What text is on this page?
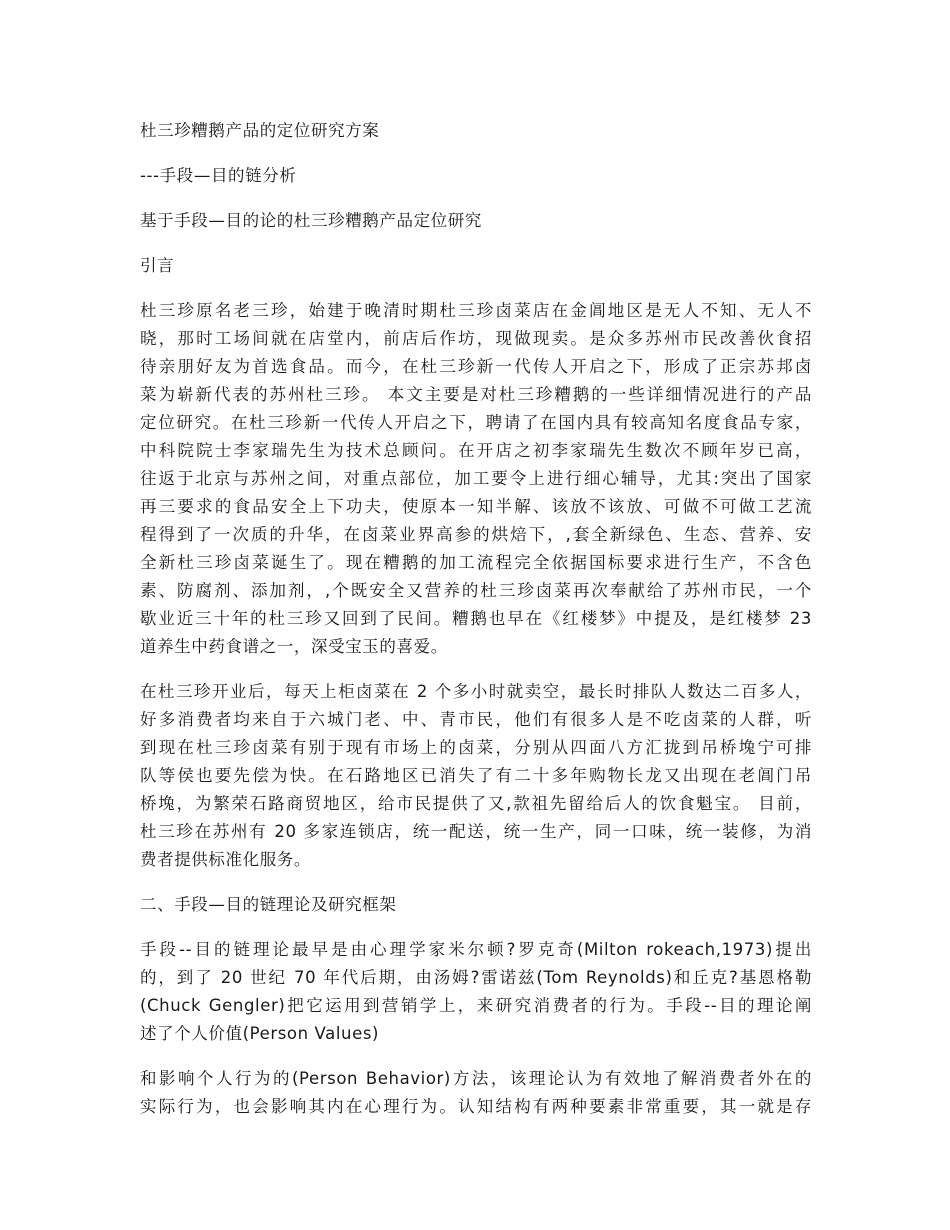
杜三珍糟鹅产品的定位研究方案
---手段—目的链分析
基于手段—目的论的杜三珍糟鹅产品定位研究
引言
杜三珍原名老三珍，始建于晚清时期杜三珍卤菜店在金阊地区是无人不知、无人不
晓，那时工场间就在店堂内，前店后作坊，现做现卖。是众多苏州市民改善伙食招
待亲朋好友为首选食品。而今，在杜三珍新一代传人开启之下，形成了正宗苏邦卤
菜为崭新代表的苏州杜三珍。 本文主要是对杜三珍糟鹅的一些详细情况进行的产品
定位研究。在杜三珍新一代传人开启之下，聘请了在国内具有较高知名度食品专家，
中科院院士李家瑞先生为技术总顾问。在开店之初李家瑞先生数次不顾年岁已高，
往返于北京与苏州之间，对重点部位，加工要令上进行细心辅导，尤其:突出了国家
再三要求的食品安全上下功夫，使原本一知半解、该放不该放、可做不可做工艺流
程得到了一次质的升华，在卤菜业界高参的烘焙下，,套全新绿色、生态、营养、安
全新杜三珍卤菜诞生了。现在糟鹅的加工流程完全依据国标要求进行生产，不含色
素、防腐剂、添加剂，,个既安全又营养的杜三珍卤菜再次奉献给了苏州市民，一个
歇业近三十年的杜三珍又回到了民间。糟鹅也早在《红楼梦》中提及，是红楼梦 23
道养生中药食谱之一，深受宝玉的喜爱。
在杜三珍开业后，每天上柜卤菜在 2 个多小时就卖空，最长时排队人数达二百多人，
好多消费者均来自于六城门老、中、青市民，他们有很多人是不吃卤菜的人群，听
到现在杜三珍卤菜有别于现有市场上的卤菜，分别从四面八方汇拢到吊桥堍宁可排
队等侯也要先偿为快。在石路地区已消失了有二十多年购物长龙又出现在老阊门吊
桥堍，为繁荣石路商贸地区，给市民提供了又,款祖先留给后人的饮食魁宝。 目前，
杜三珍在苏州有 20 多家连锁店，统一配送，统一生产，同一口味，统一装修，为消
费者提供标准化服务。
二、手段—目的链理论及研究框架
手段--目的链理论最早是由心理学家米尔顿?罗克奇(Milton rokeach,1973)提出
的，到了 20 世纪 70 年代后期，由汤姆?雷诺兹(Tom Reynolds)和丘克?基恩格勒
(Chuck Gengler)把它运用到营销学上，来研究消费者的行为。手段--目的理论阐
述了个人价值(Person Values)
和影响个人行为的(Person Behavior)方法，该理论认为有效地了解消费者外在的
实际行为，也会影响其内在心理行为。认知结构有两种要素非常重要，其一就是存
